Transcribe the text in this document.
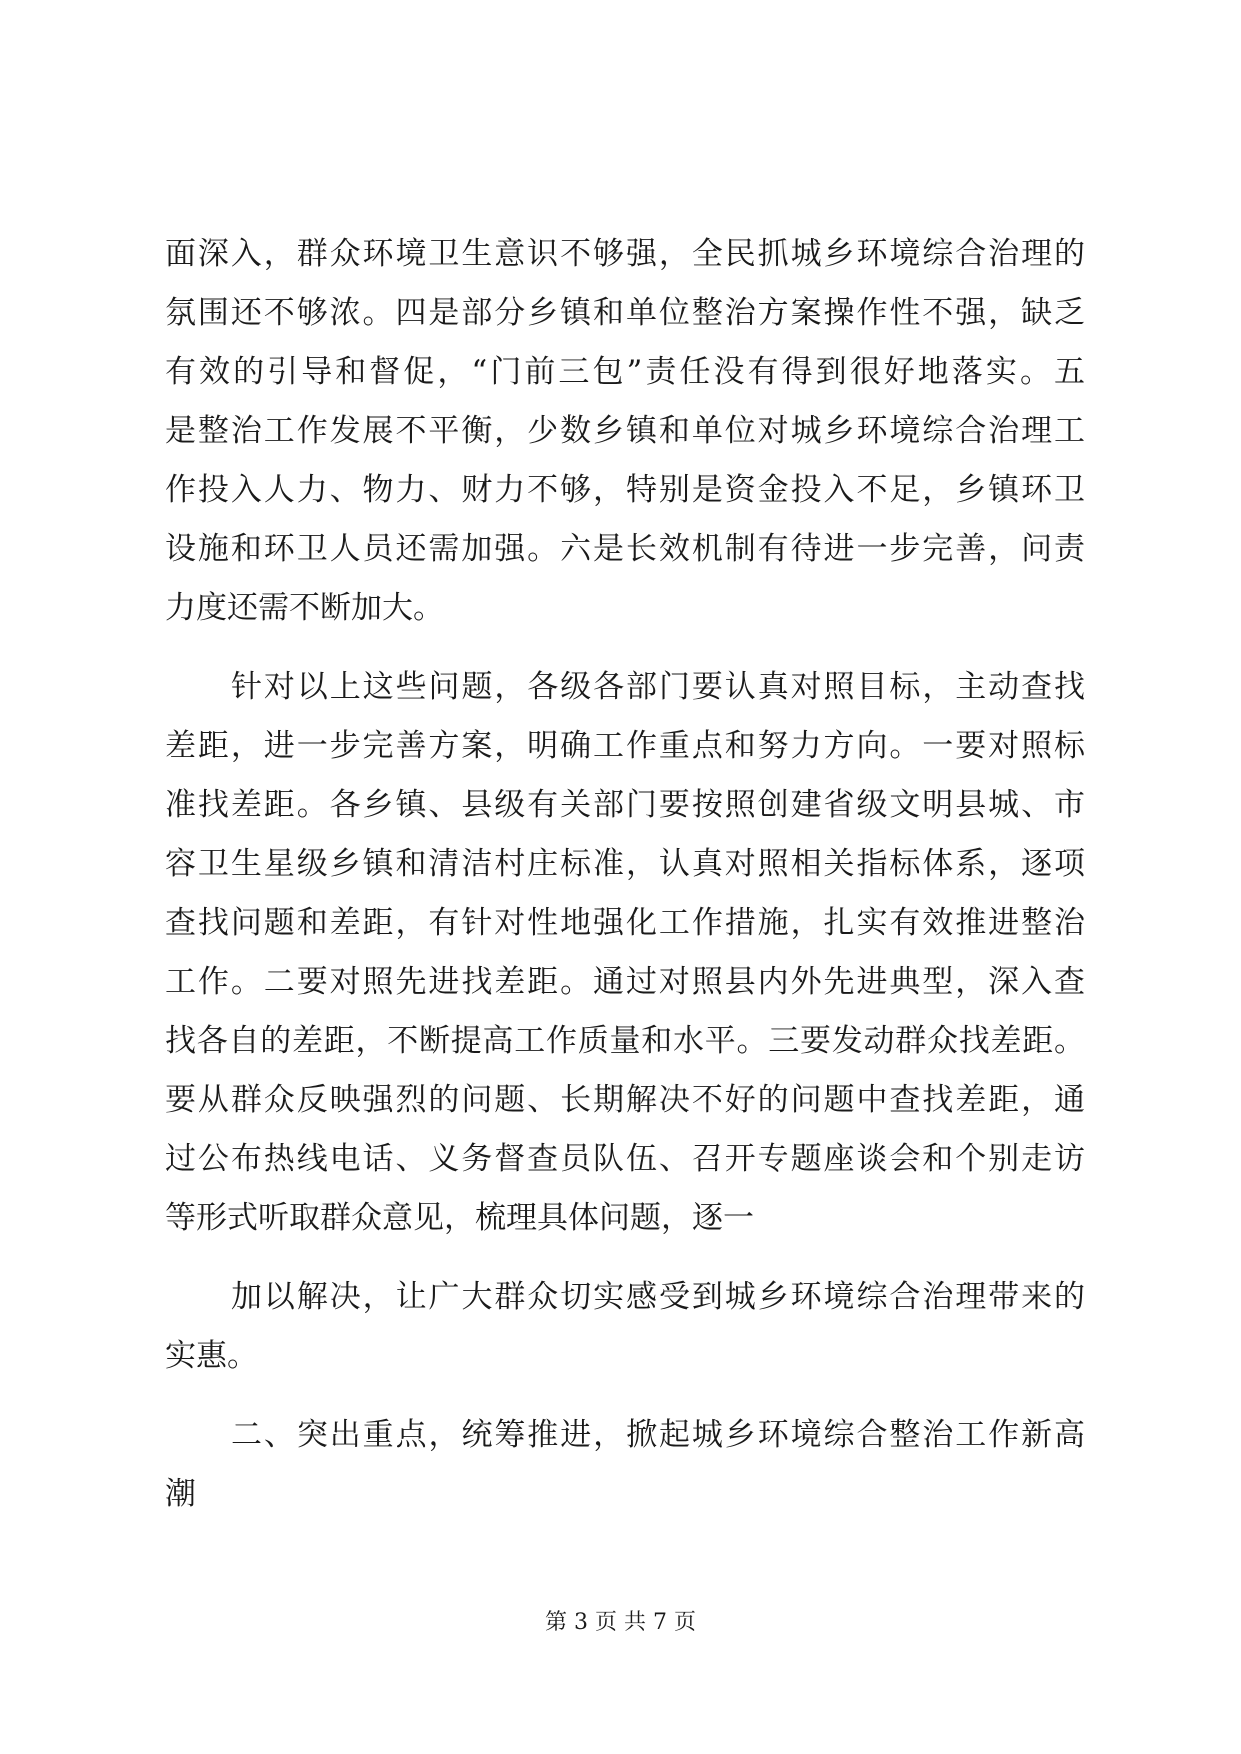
面深入，群众环境卫生意识不够强，全民抓城乡环境综合治理的
氛围还不够浓。四是部分乡镇和单位整治方案操作性不强，缺乏
有效的引导和督促，“门前三包”责任没有得到很好地落实。五
是整治工作发展不平衡，少数乡镇和单位对城乡环境综合治理工
作投入人力、物力、财力不够，特别是资金投入不足，乡镇环卫
设施和环卫人员还需加强。六是长效机制有待进一步完善，问责
力度还需不断加大。
针对以上这些问题，各级各部门要认真对照目标，主动查找
差距，进一步完善方案，明确工作重点和努力方向。一要对照标
准找差距。各乡镇、县级有关部门要按照创建省级文明县城、市
容卫生星级乡镇和清洁村庄标准，认真对照相关指标体系，逐项
查找问题和差距，有针对性地强化工作措施，扎实有效推进整治
工作。二要对照先进找差距。通过对照县内外先进典型，深入查
找各自的差距，不断提高工作质量和水平。三要发动群众找差距。
要从群众反映强烈的问题、长期解决不好的问题中查找差距，通
过公布热线电话、义务督查员队伍、召开专题座谈会和个别走访
等形式听取群众意见，梳理具体问题，逐一
加以解决，让广大群众切实感受到城乡环境综合治理带来的
实惠。
二、突出重点，统筹推进，掀起城乡环境综合整治工作新高
潮
第 3 页 共 7 页
